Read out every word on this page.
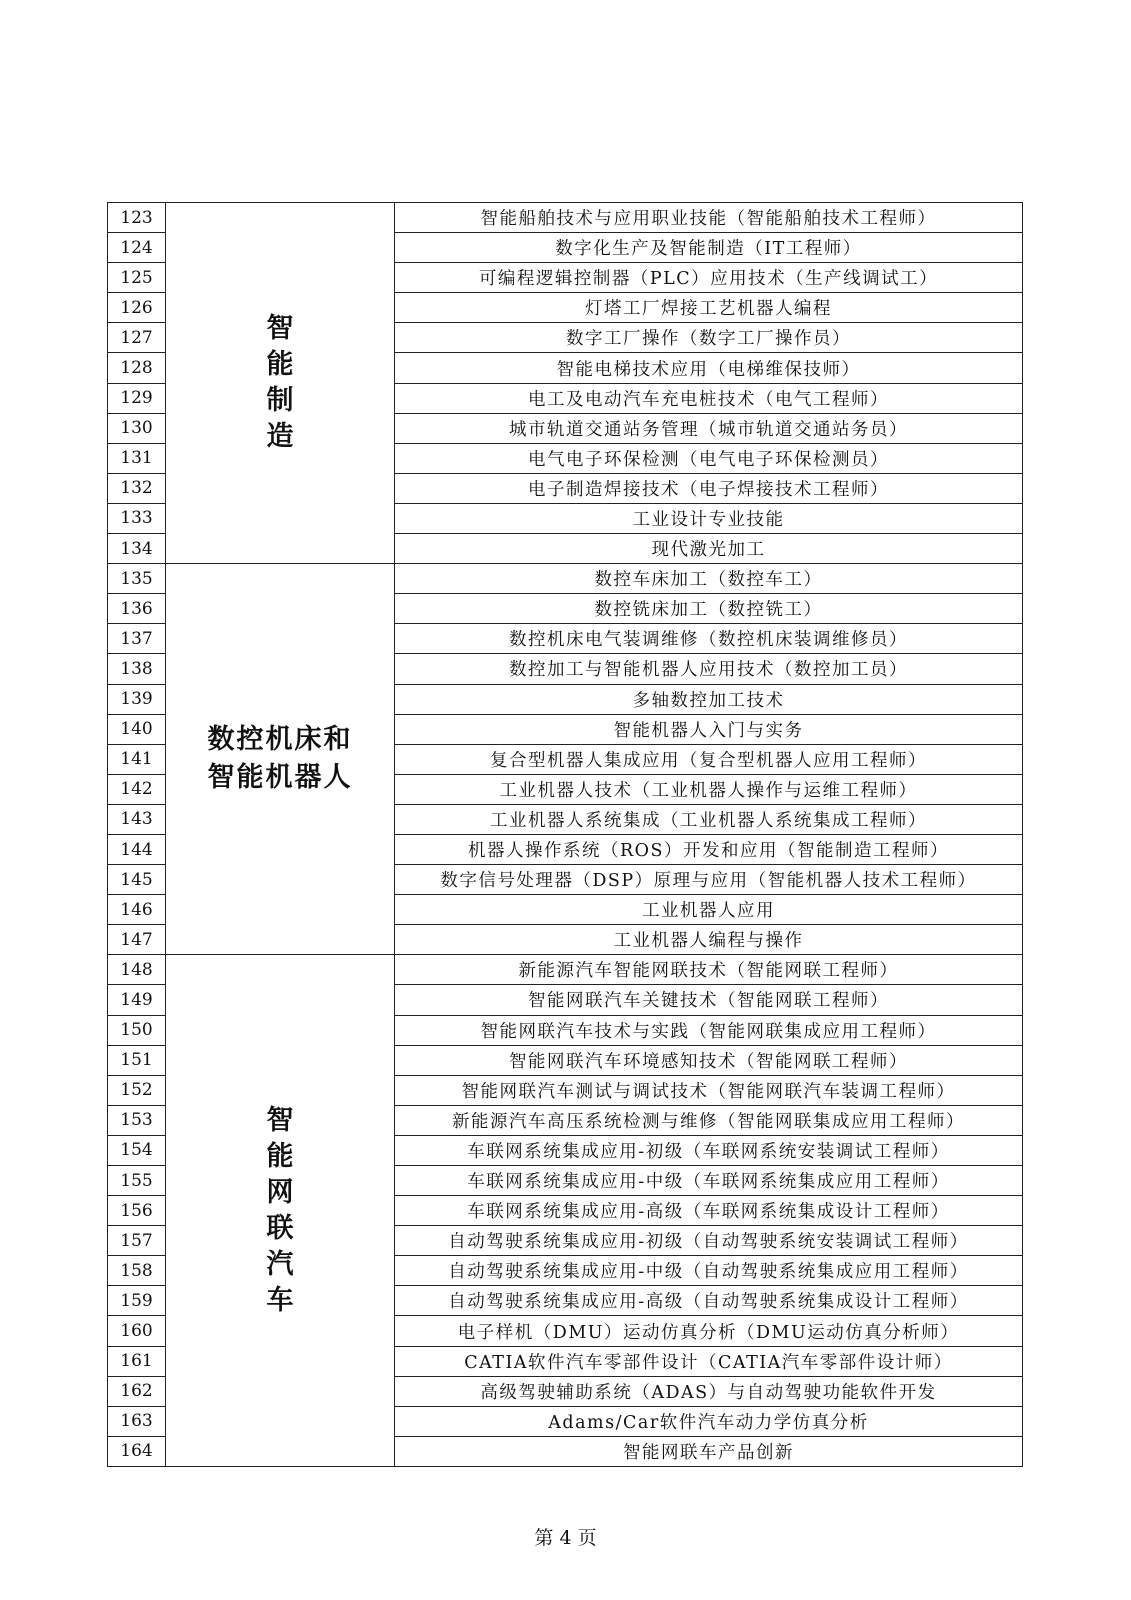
123	智能制造	智能船舶技术与应用职业技能（智能船舶技术工程师）
124		数字化生产及智能制造（IT工程师）
125		可编程逻辑控制器（PLC）应用技术（生产线调试工）
126		灯塔工厂焊接工艺机器人编程
127		数字工厂操作（数字工厂操作员）
128		智能电梯技术应用（电梯维保技师）
129		电工及电动汽车充电桩技术（电气工程师）
130		城市轨道交通站务管理（城市轨道交通站务员）
131		电气电子环保检测（电气电子环保检测员）
132		电子制造焊接技术（电子焊接技术工程师）
133		工业设计专业技能
134		现代激光加工
135	数控机床和智能机器人	数控车床加工（数控车工）
136		数控铣床加工（数控铣工）
137		数控机床电气装调维修（数控机床装调维修员）
138		数控加工与智能机器人应用技术（数控加工员）
139		多轴数控加工技术
140		智能机器人入门与实务
141		复合型机器人集成应用（复合型机器人应用工程师）
142		工业机器人技术（工业机器人操作与运维工程师）
143		工业机器人系统集成（工业机器人系统集成工程师）
144		机器人操作系统（ROS）开发和应用（智能制造工程师）
145		数字信号处理器（DSP）原理与应用（智能机器人技术工程师）
146		工业机器人应用
147		工业机器人编程与操作
148	智能网联汽车	新能源汽车智能网联技术（智能网联工程师）
149		智能网联汽车关键技术（智能网联工程师）
150		智能网联汽车技术与实践（智能网联集成应用工程师）
151		智能网联汽车环境感知技术（智能网联工程师）
152		智能网联汽车测试与调试技术（智能网联汽车装调工程师）
153		新能源汽车高压系统检测与维修（智能网联集成应用工程师）
154		车联网系统集成应用-初级（车联网系统安装调试工程师）
155		车联网系统集成应用-中级（车联网系统集成应用工程师）
156		车联网系统集成应用-高级（车联网系统集成设计工程师）
157		自动驾驶系统集成应用-初级（自动驾驶系统安装调试工程师）
158		自动驾驶系统集成应用-中级（自动驾驶系统集成应用工程师）
159		自动驾驶系统集成应用-高级（自动驾驶系统集成设计工程师）
160		电子样机（DMU）运动仿真分析（DMU运动仿真分析师）
161		CATIA软件汽车零部件设计（CATIA汽车零部件设计师）
162		高级驾驶辅助系统（ADAS）与自动驾驶功能软件开发
163		Adams/Car软件汽车动力学仿真分析
164		智能网联车产品创新
第 4 页
